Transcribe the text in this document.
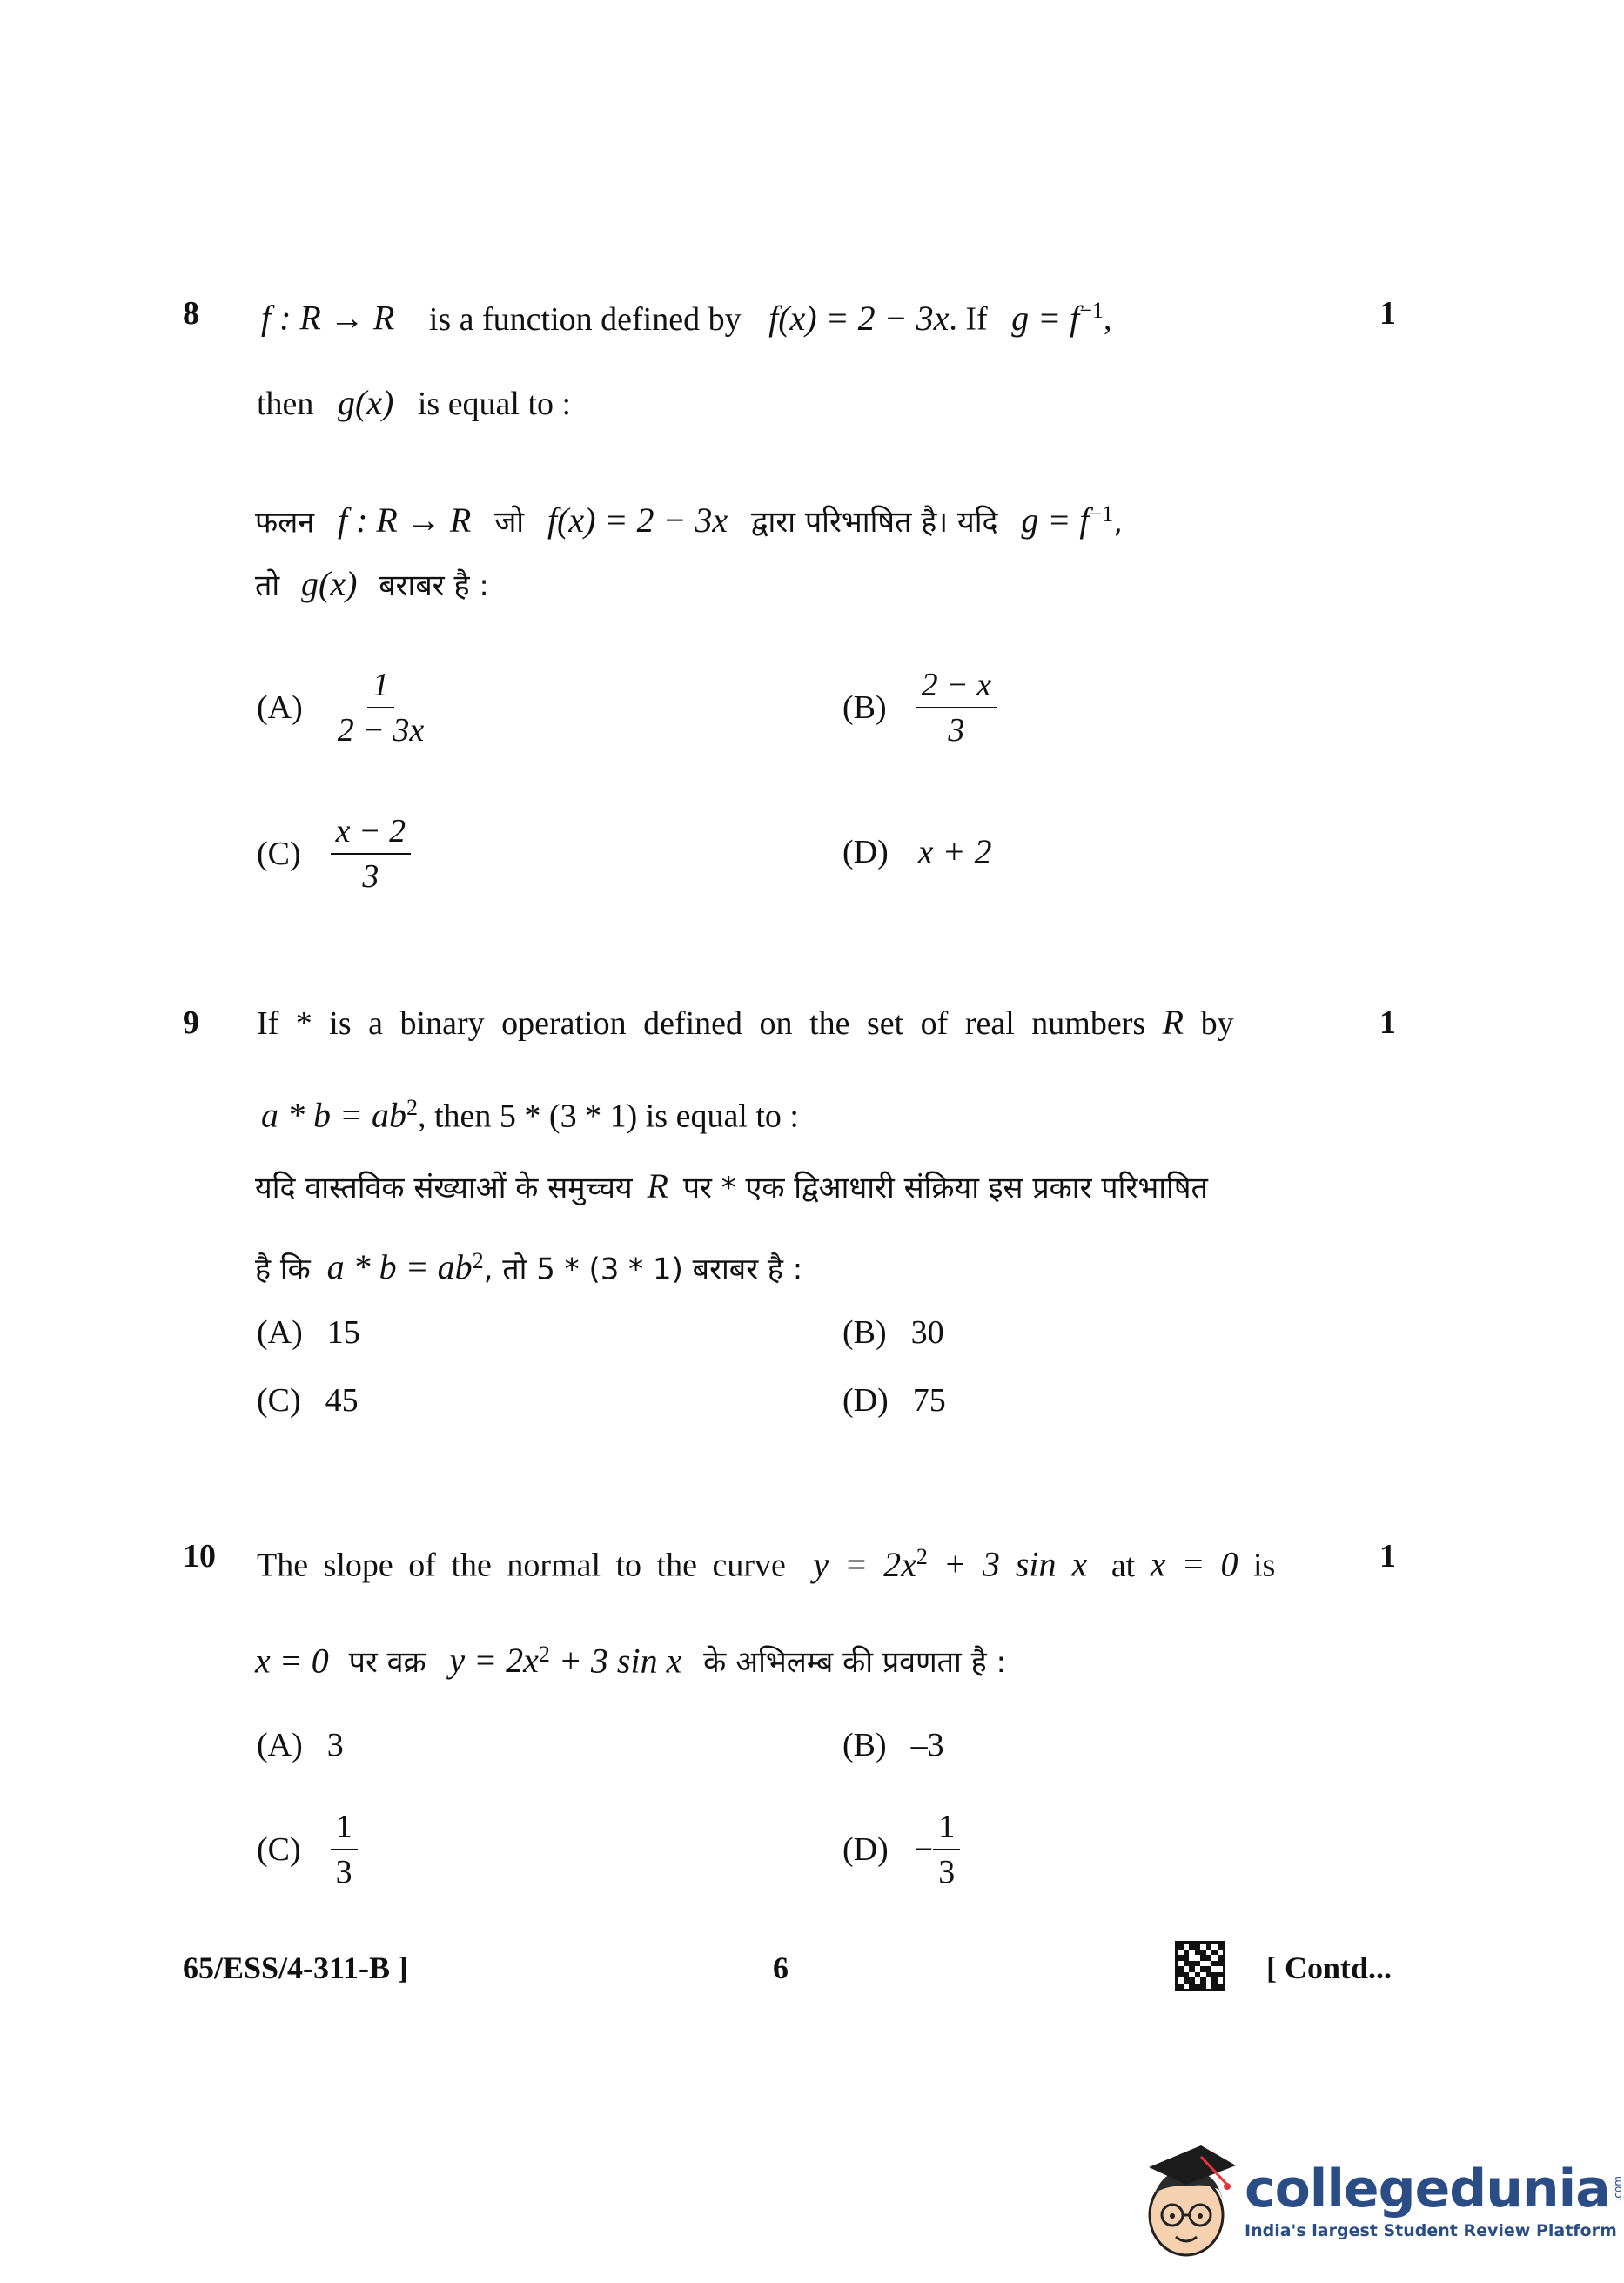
8	1
f : R → R is a function defined by f(x) = 2 − 3x. If $g = f^{-1}$,
then g(x) is equal to :
फलन f : R → R जो f(x) = 2 − 3x द्वारा परिभाषित है। यदि $g = f^{-1}$,
तो g(x) बराबर है :
$(A) \frac{1}{2 - 3x}$	$(B) \frac{2 - x}{3}$
$(C) \frac{x - 2}{3}$	(D) x + 2
9	1
If * is a binary operation defined on the set of real numbers R by
$a * b = ab^2$, then 5 * (3 * 1) is equal to :
यदि वास्तविक संख्याओं के समुच्चय R पर * एक द्विआधारी संक्रिया इस प्रकार परिभाषित
है कि $a * b = ab^2$, तो 5 * (3 * 1) बराबर है :
(A) 15	(B) 30
(C) 45	(D) 75
10	1
The slope of the normal to the curve $y = 2x^2 + 3$ sin x at x = 0 is
x = 0 पर वक्र $y = 2x^2 + 3$ sin x के अभिलम्ब की प्रवणता है :
(A) 3	(B) –3
$(C) \frac{1}{3}$	$(D) - \frac{1}{3}$
65/ESS/4-311-B ]	6	[ Contd...
collegedunia .com
India's largest Student Review Platform
